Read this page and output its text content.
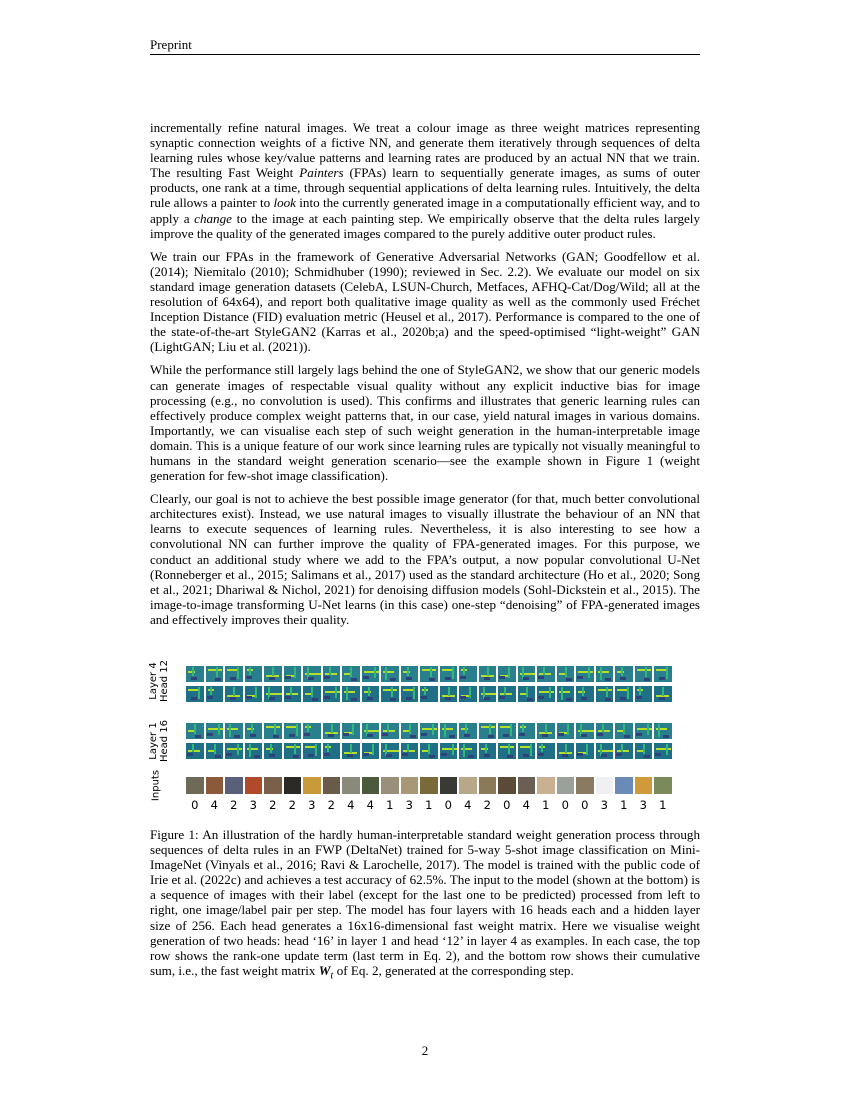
Preprint

incrementally refine natural images. We treat a colour image as three weight matrices representing synaptic connection weights of a fictive NN, and generate them iteratively through sequences of delta learning rules whose key/value patterns and learning rates are produced by an actual NN that we train. The resulting Fast Weight Painters (FPAs) learn to sequentially generate images, as sums of outer products, one rank at a time, through sequential applications of delta learning rules. Intuitively, the delta rule allows a painter to look into the currently generated image in a computationally efficient way, and to apply a change to the image at each painting step. We empirically observe that the delta rules largely improve the quality of the generated images compared to the purely additive outer product rules.

We train our FPAs in the framework of Generative Adversarial Networks (GAN; Goodfellow et al. (2014); Niemitalo (2010); Schmidhuber (1990); reviewed in Sec. 2.2). We evaluate our model on six standard image generation datasets (CelebA, LSUN-Church, Metfaces, AFHQ-Cat/Dog/Wild; all at the resolution of 64x64), and report both qualitative image quality as well as the commonly used Fréchet Inception Distance (FID) evaluation metric (Heusel et al., 2017). Performance is compared to the one of the state-of-the-art StyleGAN2 (Karras et al., 2020b;a) and the speed-optimised “light-weight” GAN (LightGAN; Liu et al. (2021)).

While the performance still largely lags behind the one of StyleGAN2, we show that our generic models can generate images of respectable visual quality without any explicit inductive bias for image processing (e.g., no convolution is used). This confirms and illustrates that generic learning rules can effectively produce complex weight patterns that, in our case, yield natural images in various domains. Importantly, we can visualise each step of such weight generation in the human-interpretable image domain. This is a unique feature of our work since learning rules are typically not visually meaningful to humans in the standard weight generation scenario—see the example shown in Figure 1 (weight generation for few-shot image classification).

Clearly, our goal is not to achieve the best possible image generator (for that, much better convolutional architectures exist). Instead, we use natural images to visually illustrate the behaviour of an NN that learns to execute sequences of learning rules. Nevertheless, it is also interesting to see how a convolutional NN can further improve the quality of FPA-generated images. For this purpose, we conduct an additional study where we add to the FPA’s output, a now popular convolutional U-Net (Ronneberger et al., 2015; Salimans et al., 2017) used as the standard architecture (Ho et al., 2020; Song et al., 2021; Dhariwal & Nichol, 2021) for denoising diffusion models (Sohl-Dickstein et al., 2015). The image-to-image transforming U-Net learns (in this case) one-step “denoising” of FPA-generated images and effectively improves their quality.

Layer 4 Head 12
Layer 1 Head 16
Inputs
0	4	2	3	2	2	3	2	4	4	1	3	1	0	4	2	0	4	1	0	0	3	1	3	1

Figure 1: An illustration of the hardly human-interpretable standard weight generation process through sequences of delta rules in an FWP (DeltaNet) trained for 5-way 5-shot image classification on Mini-ImageNet (Vinyals et al., 2016; Ravi & Larochelle, 2017). The model is trained with the public code of Irie et al. (2022c) and achieves a test accuracy of 62.5%. The input to the model (shown at the bottom) is a sequence of images with their label (except for the last one to be predicted) processed from left to right, one image/label pair per step. The model has four layers with 16 heads each and a hidden layer size of 256. Each head generates a 16x16-dimensional fast weight matrix. Here we visualise weight generation of two heads: head ‘16’ in layer 1 and head ‘12’ in layer 4 as examples. In each case, the top row shows the rank-one update term (last term in Eq. 2), and the bottom row shows their cumulative sum, i.e., the fast weight matrix $W_t$ of Eq. 2, generated at the corresponding step.

2
